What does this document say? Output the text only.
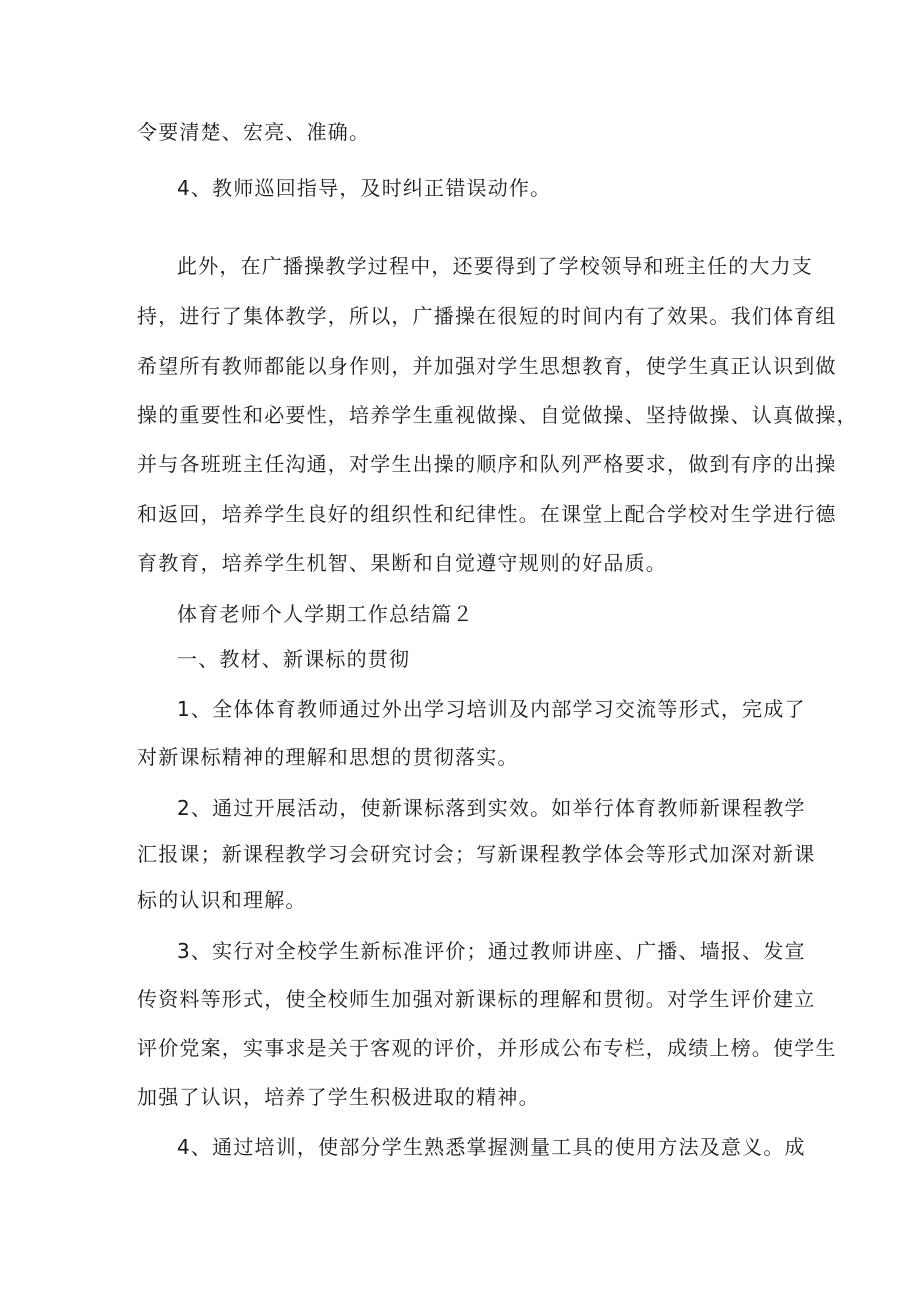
令要清楚、宏亮、准确。
4、教师巡回指导，及时纠正错误动作。
此外，在广播操教学过程中，还要得到了学校领导和班主任的大力支
持，进行了集体教学，所以，广播操在很短的时间内有了效果。我们体育组
希望所有教师都能以身作则，并加强对学生思想教育，使学生真正认识到做
操的重要性和必要性，培养学生重视做操、自觉做操、坚持做操、认真做操，
并与各班班主任沟通，对学生出操的顺序和队列严格要求，做到有序的出操
和返回，培养学生良好的组织性和纪律性。在课堂上配合学校对生学进行德
育教育，培养学生机智、果断和自觉遵守规则的好品质。
体育老师个人学期工作总结篇２
一、教材、新课标的贯彻
1、全体体育教师通过外出学习培训及内部学习交流等形式，完成了
对新课标精神的理解和思想的贯彻落实。
2、通过开展活动，使新课标落到实效。如举行体育教师新课程教学
汇报课；新课程教学习会研究讨会；写新课程教学体会等形式加深对新课
标的认识和理解。
3、实行对全校学生新标准评价；通过教师讲座、广播、墙报、发宣
传资料等形式，使全校师生加强对新课标的理解和贯彻。对学生评价建立
评价党案，实事求是关于客观的评价，并形成公布专栏，成绩上榜。使学生
加强了认识，培养了学生积极进取的精神。
4、通过培训，使部分学生熟悉掌握测量工具的使用方法及意义。成
